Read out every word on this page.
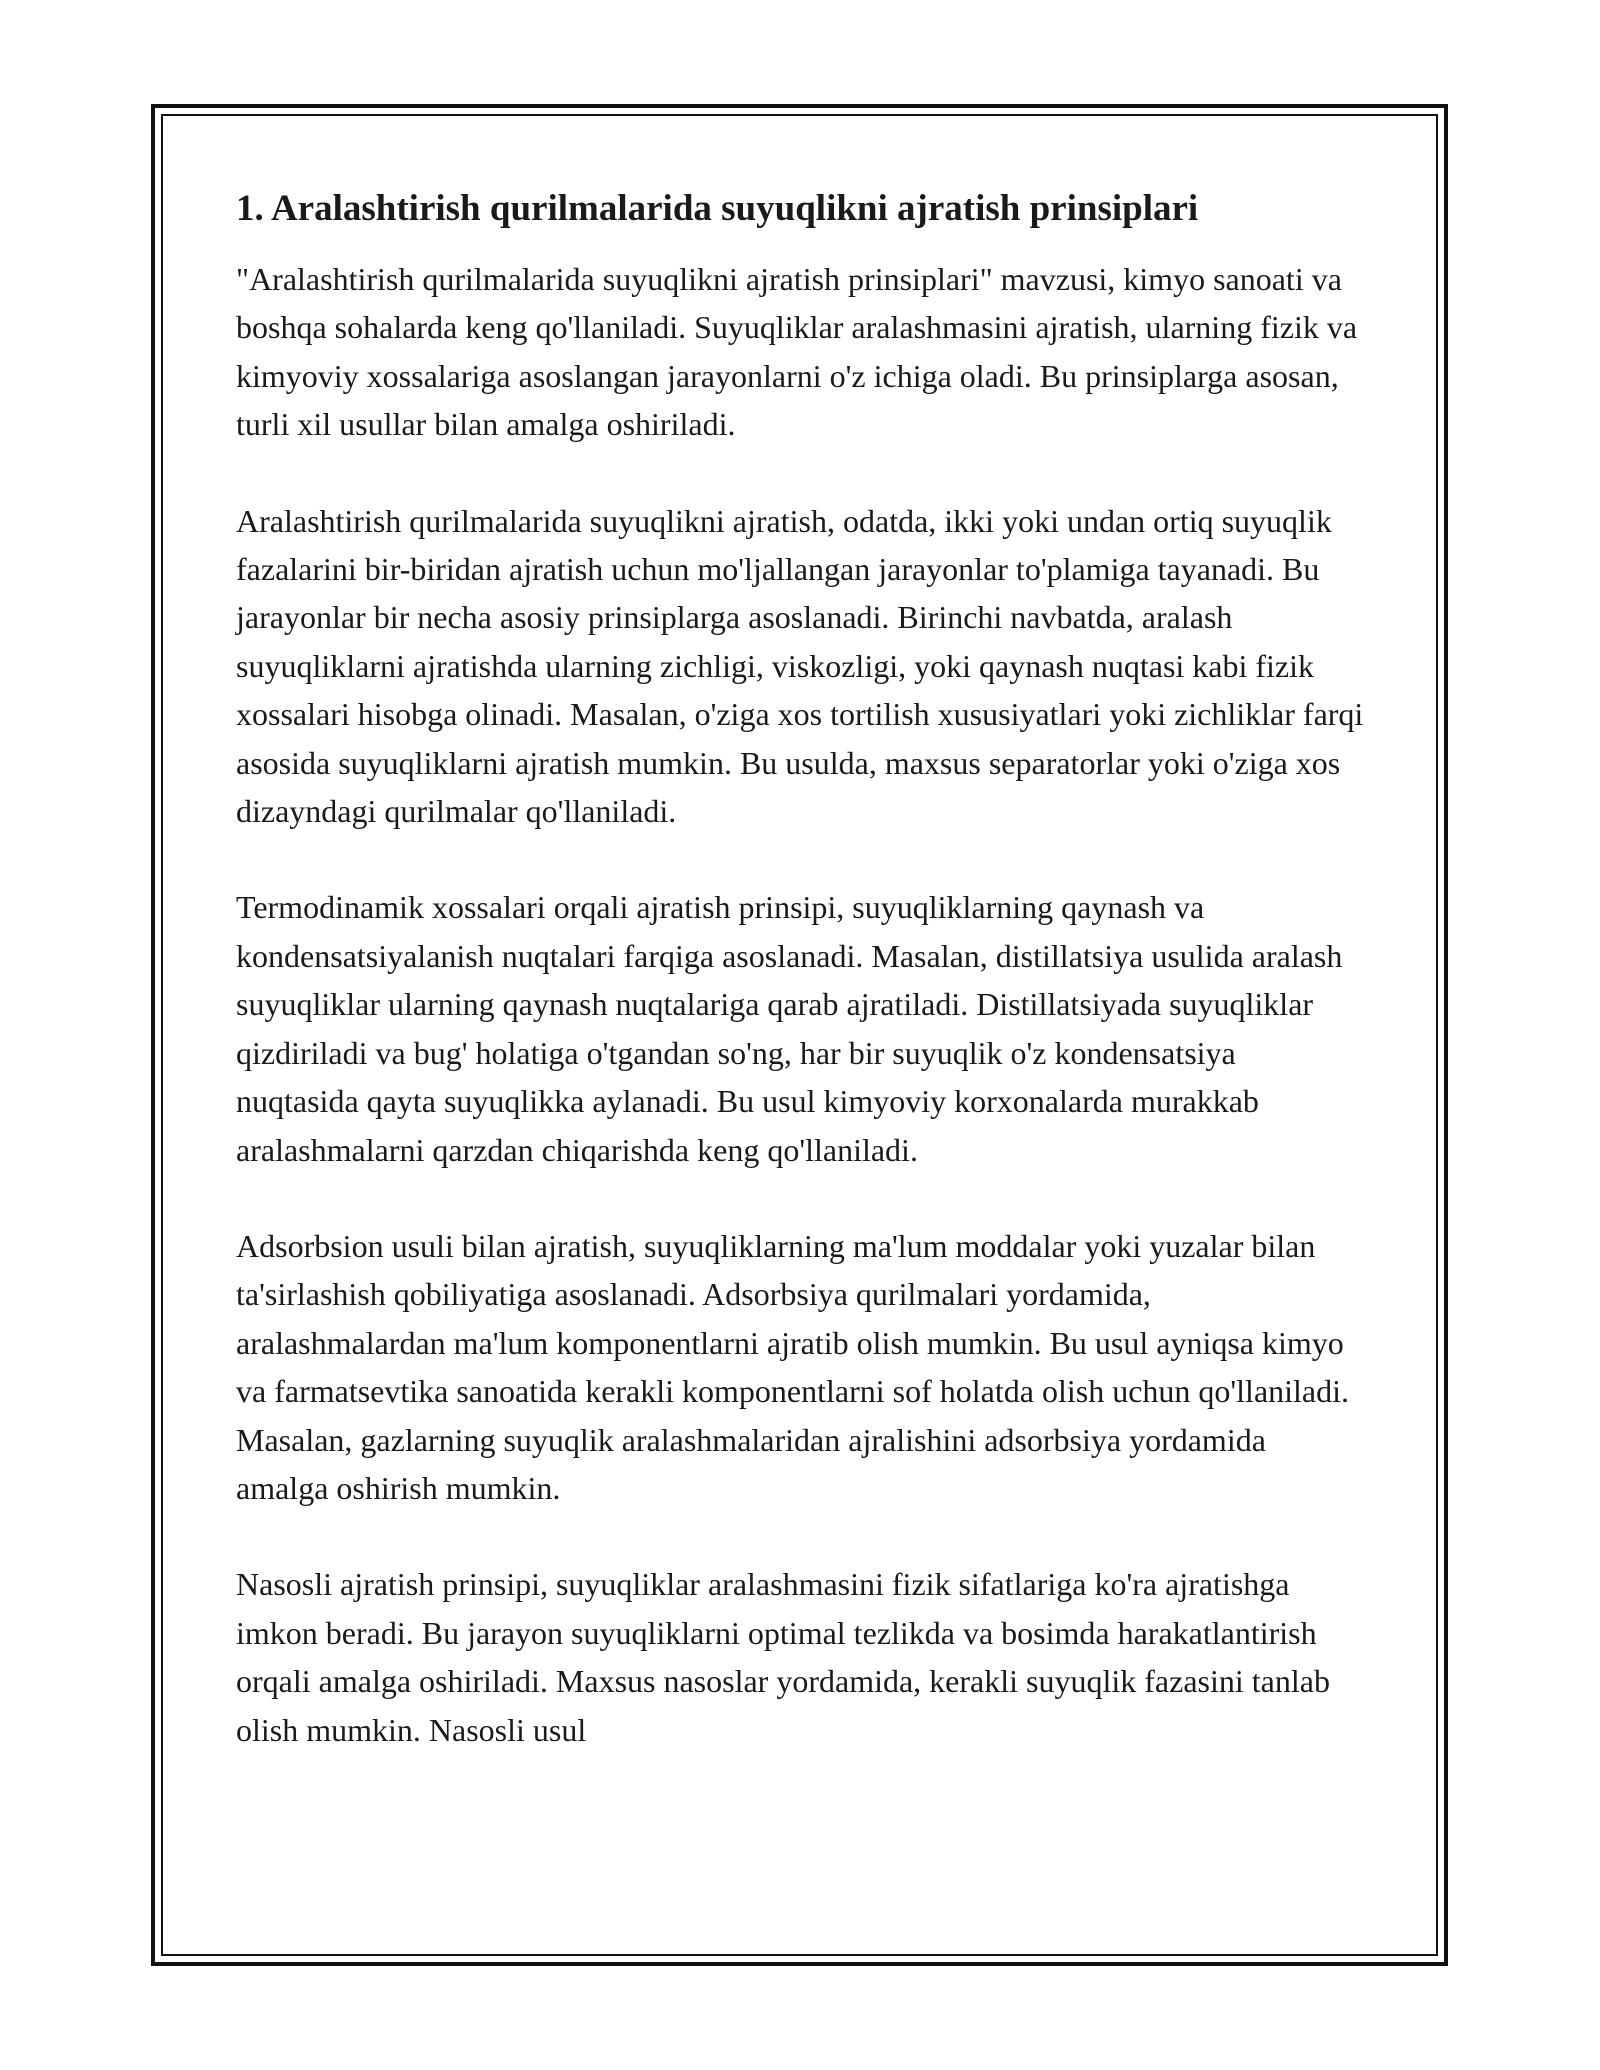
1. Aralashtirish qurilmalarida suyuqlikni ajratish prinsiplari

"Aralashtirish qurilmalarida suyuqlikni ajratish prinsiplari" mavzusi, kimyo sanoati va boshqa sohalarda keng qo'llaniladi. Suyuqliklar aralashmasini ajratish, ularning fizik va kimyoviy xossalariga asoslangan jarayonlarni o'z ichiga oladi. Bu prinsiplarga asosan, turli xil usullar bilan amalga oshiriladi.

Aralashtirish qurilmalarida suyuqlikni ajratish, odatda, ikki yoki undan ortiq suyuqlik fazalarini bir-biridan ajratish uchun mo'ljallangan jarayonlar to'plamiga tayanadi. Bu jarayonlar bir necha asosiy prinsiplarga asoslanadi. Birinchi navbatda, aralash suyuqliklarni ajratishda ularning zichligi, viskozligi, yoki qaynash nuqtasi kabi fizik xossalari hisobga olinadi. Masalan, o'ziga xos tortilish xususiyatlari yoki zichliklar farqi asosida suyuqliklarni ajratish mumkin. Bu usulda, maxsus separatorlar yoki o'ziga xos dizayndagi qurilmalar qo'llaniladi.

Termodinamik xossalari orqali ajratish prinsipi, suyuqliklarning qaynash va kondensatsiyalanish nuqtalari farqiga asoslanadi. Masalan, distillatsiya usulida aralash suyuqliklar ularning qaynash nuqtalariga qarab ajratiladi. Distillatsiyada suyuqliklar qizdiriladi va bug' holatiga o'tgandan so'ng, har bir suyuqlik o'z kondensatsiya nuqtasida qayta suyuqlikka aylanadi. Bu usul kimyoviy korxonalarda murakkab aralashmalarni qarzdan chiqarishda keng qo'llaniladi.

Adsorbsion usuli bilan ajratish, suyuqliklarning ma'lum moddalar yoki yuzalar bilan ta'sirlashish qobiliyatiga asoslanadi. Adsorbsiya qurilmalari yordamida, aralashmalardan ma'lum komponentlarni ajratib olish mumkin. Bu usul ayniqsa kimyo va farmatsevtika sanoatida kerakli komponentlarni sof holatda olish uchun qo'llaniladi. Masalan, gazlarning suyuqlik aralashmalaridan ajralishini adsorbsiya yordamida amalga oshirish mumkin.

Nasosli ajratish prinsipi, suyuqliklar aralashmasini fizik sifatlariga ko'ra ajratishga imkon beradi. Bu jarayon suyuqliklarni optimal tezlikda va bosimda harakatlantirish orqali amalga oshiriladi. Maxsus nasoslar yordamida, kerakli suyuqlik fazasini tanlab olish mumkin. Nasosli usul
